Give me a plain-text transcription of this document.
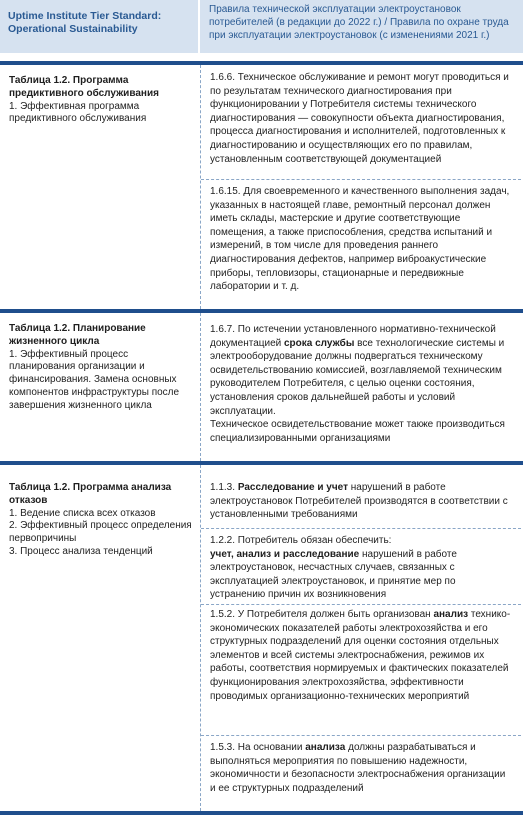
Uptime Institute Tier Standard: Operational Sustainability
Правила технической эксплуатации электроустановок потребителей (в редакции до 2022 г.) / Правила по охране труда при эксплуатации электроустановок (с изменениями 2021 г.)
Таблица 1.2. Программа предиктивного обслуживания
1. Эффективная программа предиктивного обслуживания
1.6.6. Техническое обслуживание и ремонт могут проводиться и по результатам технического диагностирования при функционировании у Потребителя системы технического диагностирования — совокупности объекта диагностирования, процесса диагностирования и исполнителей, подготовленных к диагностированию и осуществляющих его по правилам, установленным соответствующей документацией
1.6.15. Для своевременного и качественного выполнения задач, указанных в настоящей главе, ремонтный персонал должен иметь склады, мастерские и другие соответствующие помещения, а также приспособления, средства испытаний и измерений, в том числе для проведения раннего диагностирования дефектов, например виброакустические приборы, тепловизоры, стационарные и передвижные лаборатории и т. д.
Таблица 1.2. Планирование жизненного цикла
1. Эффективный процесс планирования организации и финансирования. Замена основных компонентов инфраструктуры после завершения жизненного цикла
1.6.7. По истечении установленного нормативно-технической документацией срока службы все технологические системы и электрооборудование должны подвергаться техническому освидетельствованию комиссией, возглавляемой техническим руководителем Потребителя, с целью оценки состояния, установления сроков дальнейшей работы и условий эксплуатации.
Техническое освидетельствование может также производиться специализированными организациями
Таблица 1.2. Программа анализа отказов
1. Ведение списка всех отказов
2. Эффективный процесс определения первопричины
3. Процесс анализа тенденций
1.1.3. Расследование и учет нарушений в работе электроустановок Потребителей производятся в соответствии с установленными требованиями
1.2.2. Потребитель обязан обеспечить:
учет, анализ и расследование нарушений в работе электроустановок, несчастных случаев, связанных с эксплуатацией электроустановок, и принятие мер по устранению причин их возникновения
1.5.2. У Потребителя должен быть организован анализ технико-экономических показателей работы электрохозяйства и его структурных подразделений для оценки состояния отдельных элементов и всей системы электроснабжения, режимов их работы, соответствия нормируемых и фактических показателей функционирования электрохозяйства, эффективности проводимых организационно-технических мероприятий
1.5.3. На основании анализа должны разрабатываться и выполняться мероприятия по повышению надежности, экономичности и безопасности электроснабжения организации и ее структурных подразделений
